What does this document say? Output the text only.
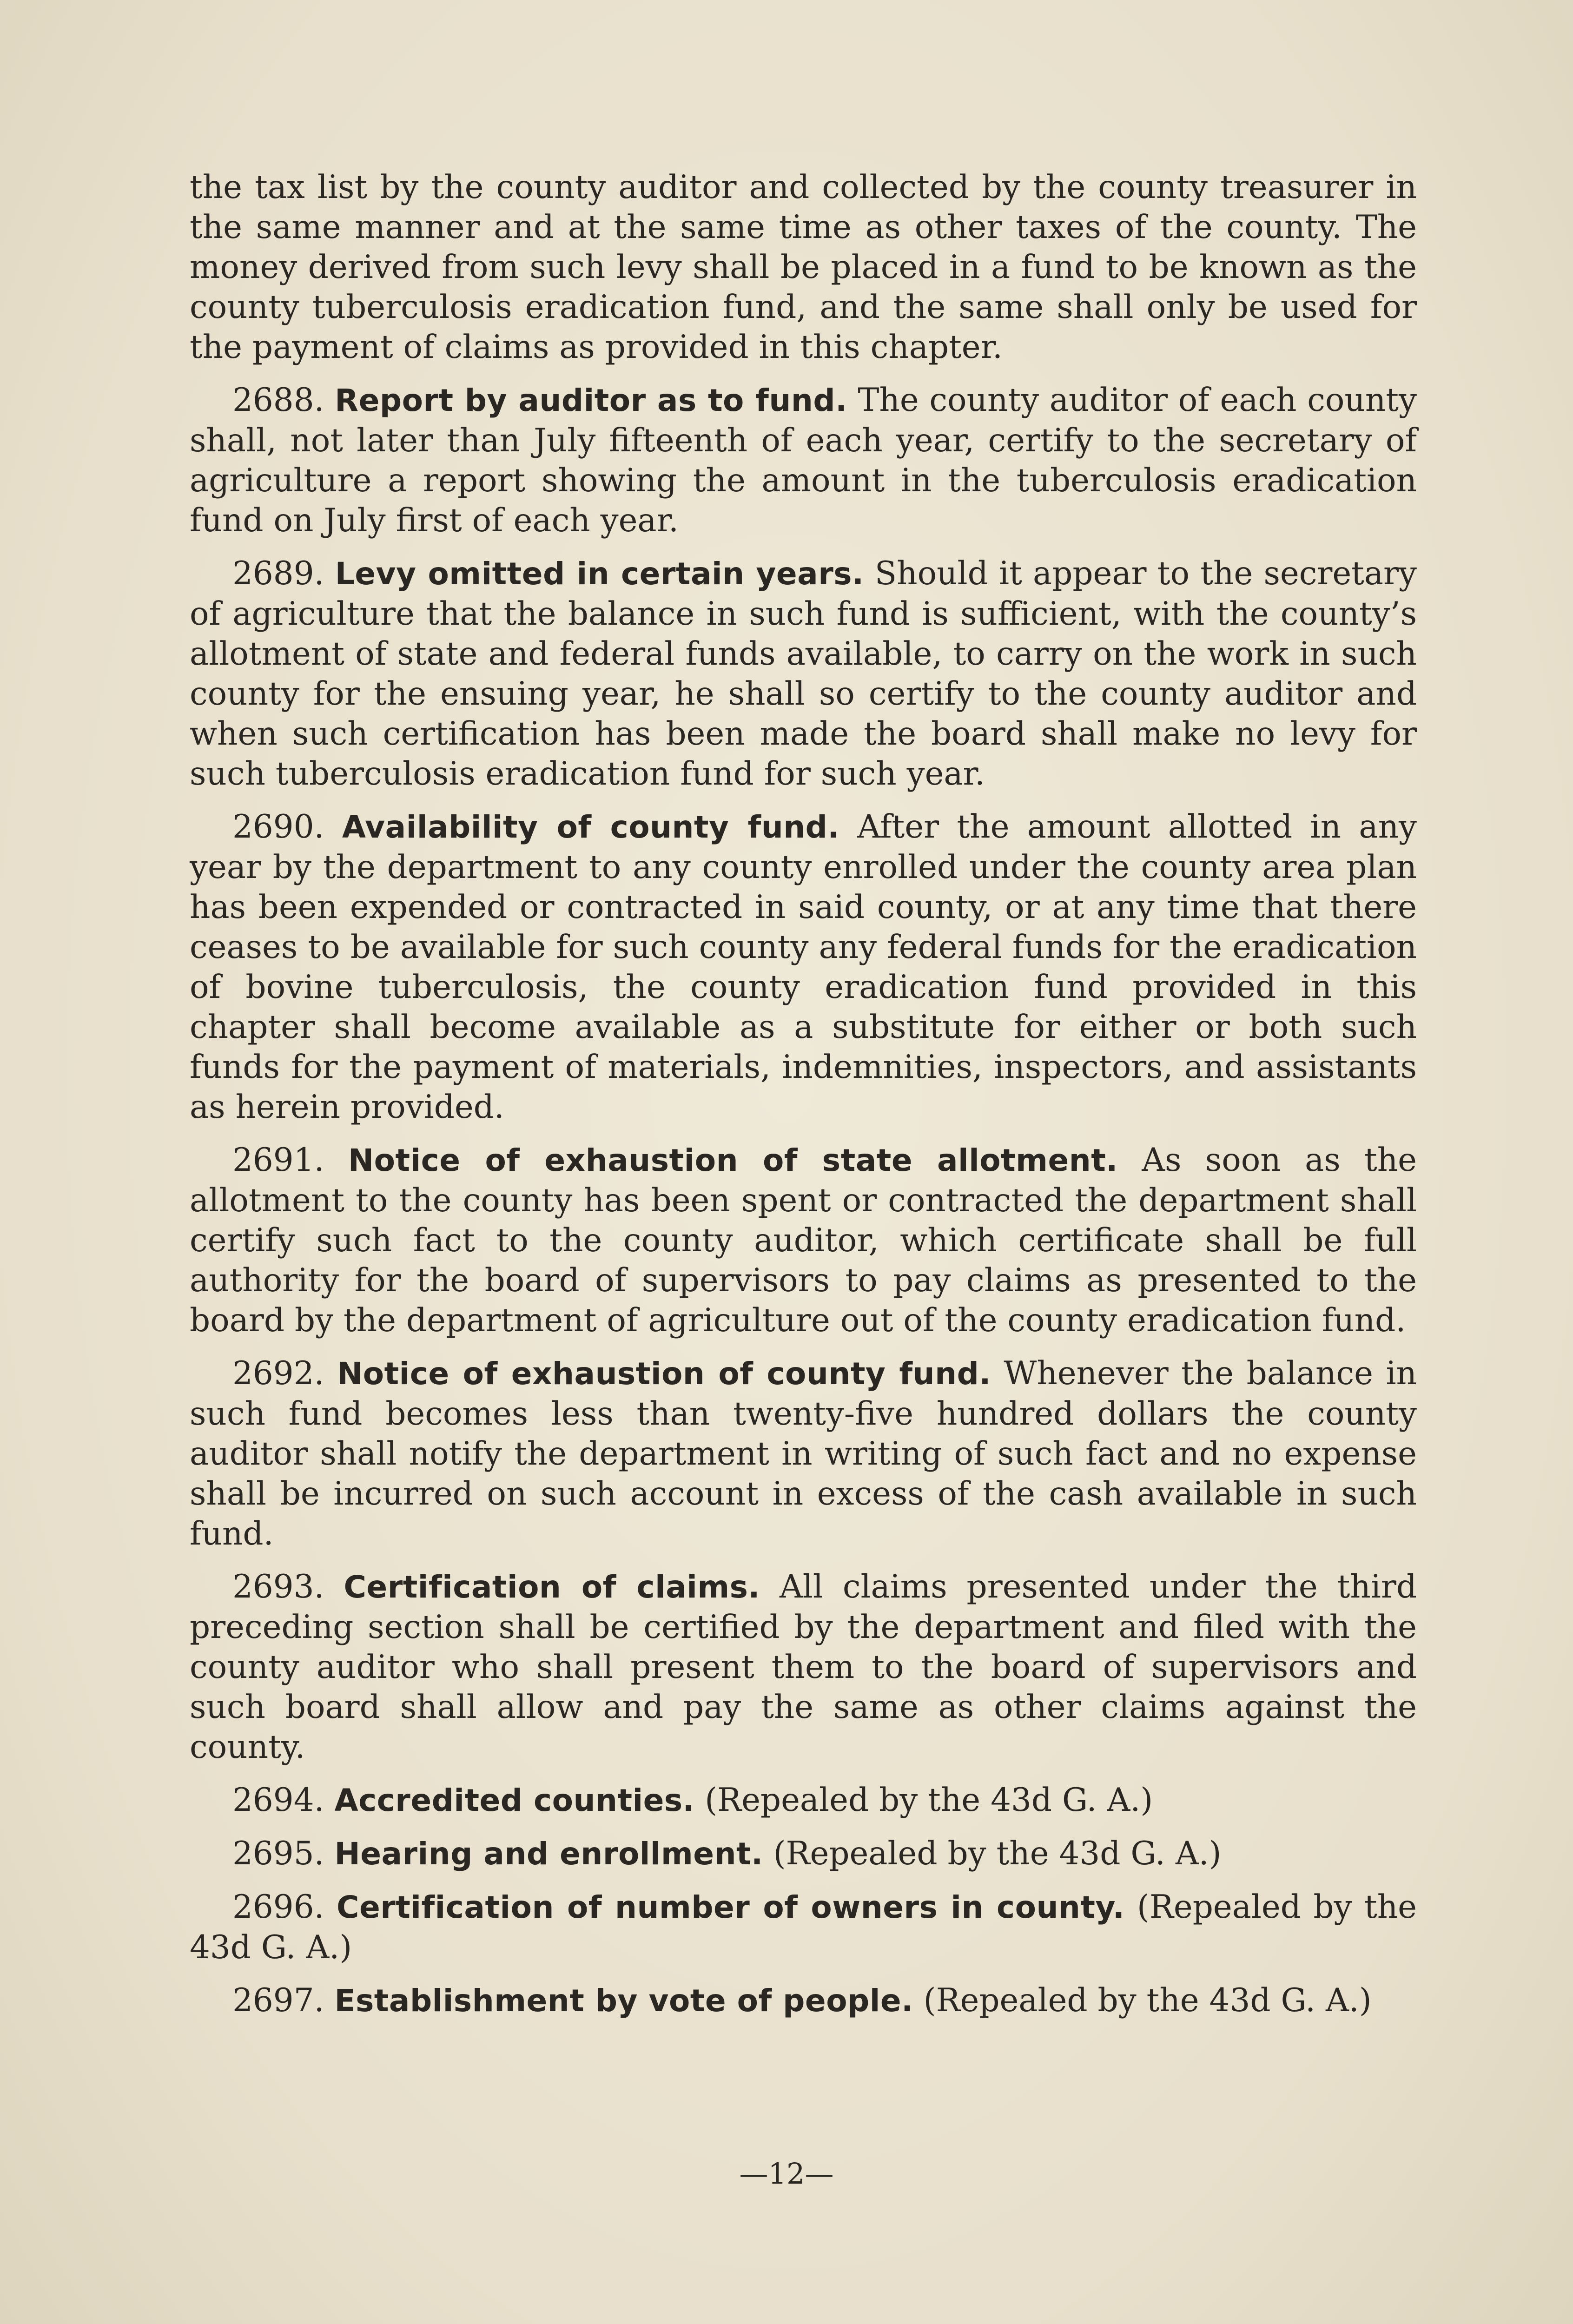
the tax list by the county auditor and collected by the county treasurer in the same manner and at the same time as other taxes of the county. The money derived from such levy shall be placed in a fund to be known as the county tuberculosis eradication fund, and the same shall only be used for the payment of claims as provided in this chapter.

2688. Report by auditor as to fund. The county auditor of each county shall, not later than July fifteenth of each year, certify to the secretary of agriculture a report showing the amount in the tuberculosis eradication fund on July first of each year.

2689. Levy omitted in certain years. Should it appear to the secretary of agriculture that the balance in such fund is sufficient, with the county’s allotment of state and federal funds available, to carry on the work in such county for the ensuing year, he shall so certify to the county auditor and when such certification has been made the board shall make no levy for such tuberculosis eradication fund for such year.

2690. Availability of county fund. After the amount allotted in any year by the department to any county enrolled under the county area plan has been expended or contracted in said county, or at any time that there ceases to be available for such county any federal funds for the eradication of bovine tuberculosis, the county eradication fund provided in this chapter shall become available as a substitute for either or both such funds for the payment of materials, indemnities, inspectors, and assistants as herein provided.

2691. Notice of exhaustion of state allotment. As soon as the allotment to the county has been spent or contracted the department shall certify such fact to the county auditor, which certificate shall be full authority for the board of supervisors to pay claims as presented to the board by the department of agriculture out of the county eradication fund.

2692. Notice of exhaustion of county fund. Whenever the balance in such fund becomes less than twenty-five hundred dollars the county auditor shall notify the department in writing of such fact and no expense shall be incurred on such account in excess of the cash available in such fund.

2693. Certification of claims. All claims presented under the third preceding section shall be certified by the department and filed with the county auditor who shall present them to the board of supervisors and such board shall allow and pay the same as other claims against the county.

2694. Accredited counties. (Repealed by the 43d G. A.)

2695. Hearing and enrollment. (Repealed by the 43d G. A.)

2696. Certification of number of owners in county. (Repealed by the 43d G. A.)

2697. Establishment by vote of people. (Repealed by the 43d G. A.)

—12—
